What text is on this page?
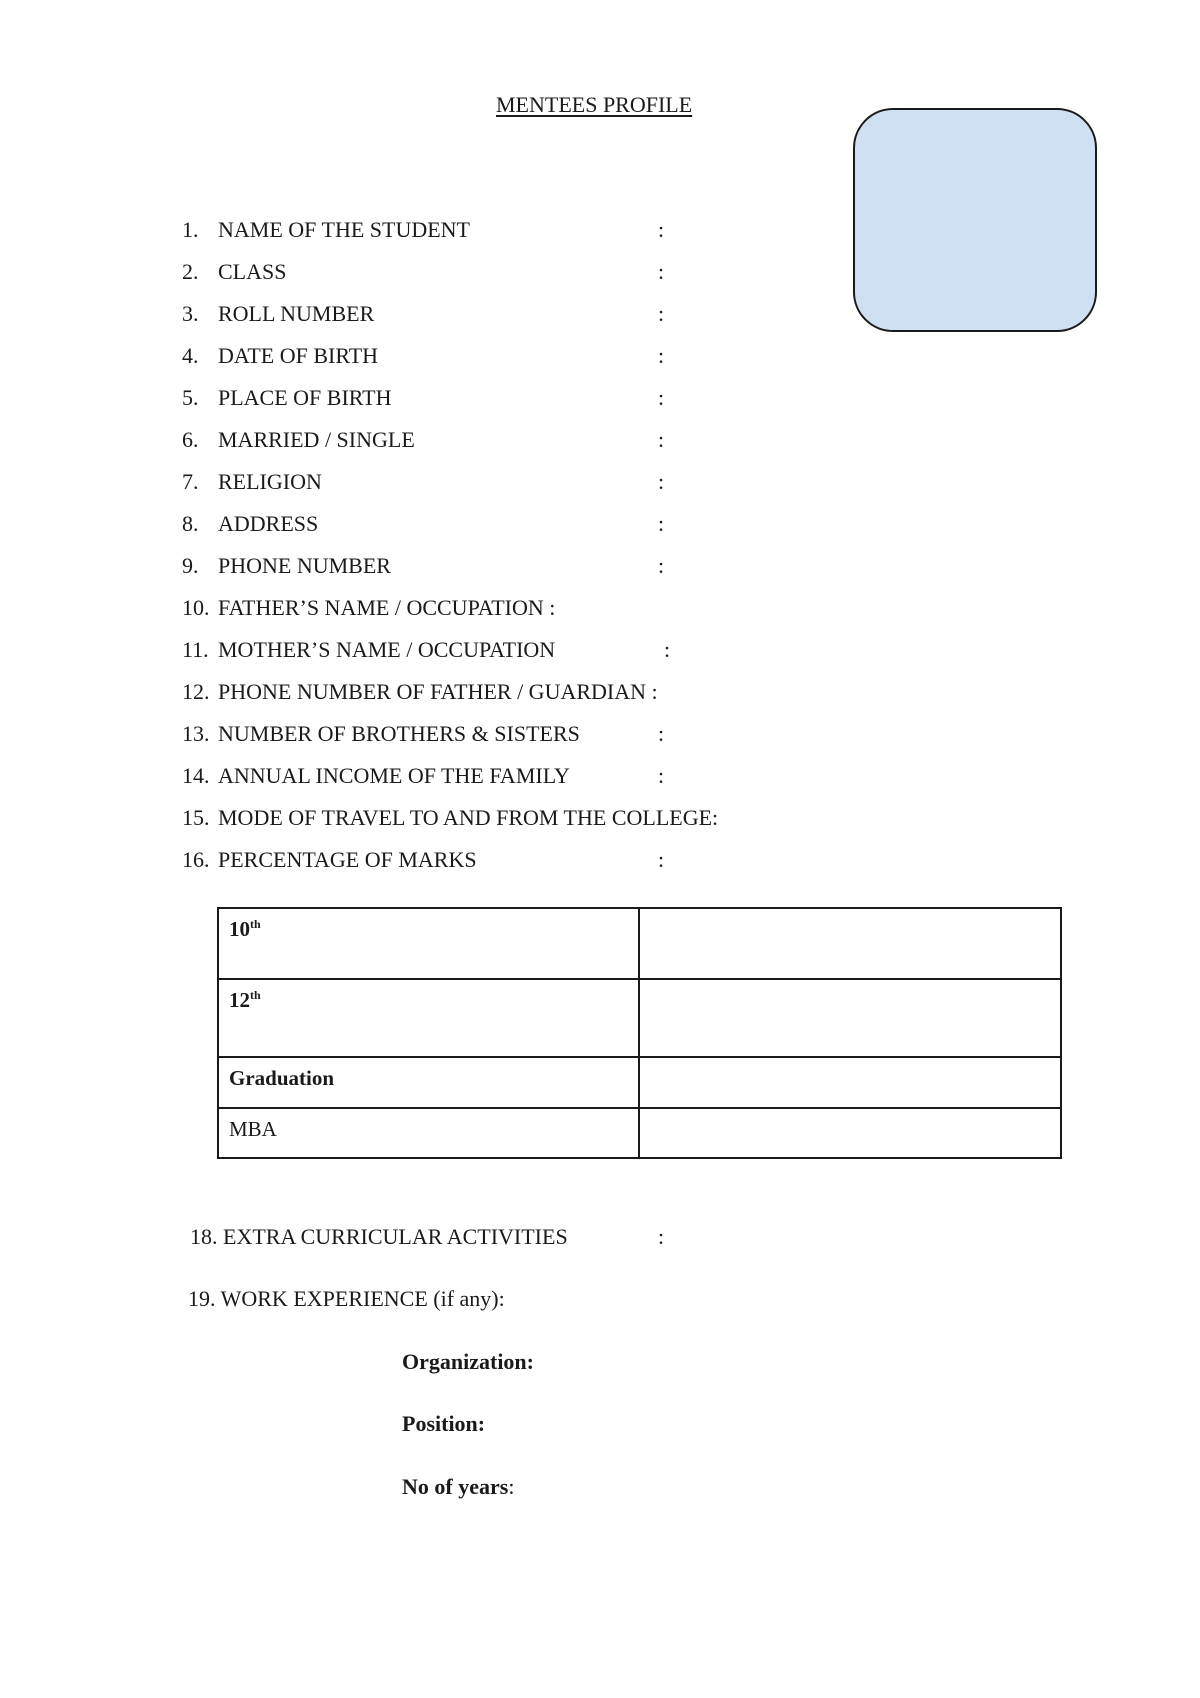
MENTEES PROFILE
1. NAME OF THE STUDENT	:
2. CLASS	:
3. ROLL NUMBER	:
4. DATE OF BIRTH	:
5. PLACE OF BIRTH	:
6. MARRIED / SINGLE	:
7. RELIGION	:
8. ADDRESS	:
9. PHONE NUMBER	:
10. FATHER’S NAME / OCCUPATION :
11. MOTHER’S NAME / OCCUPATION	:
12. PHONE NUMBER OF FATHER / GUARDIAN :
13. NUMBER OF BROTHERS & SISTERS	:
14. ANNUAL INCOME OF THE FAMILY	:
15. MODE OF TRAVEL TO AND FROM THE COLLEGE:
16. PERCENTAGE OF MARKS	:
10th	
12th	
Graduation	
MBA	
18. EXTRA CURRICULAR ACTIVITIES	:
19. WORK EXPERIENCE (if any):
Organization:
Position:
No of years:
